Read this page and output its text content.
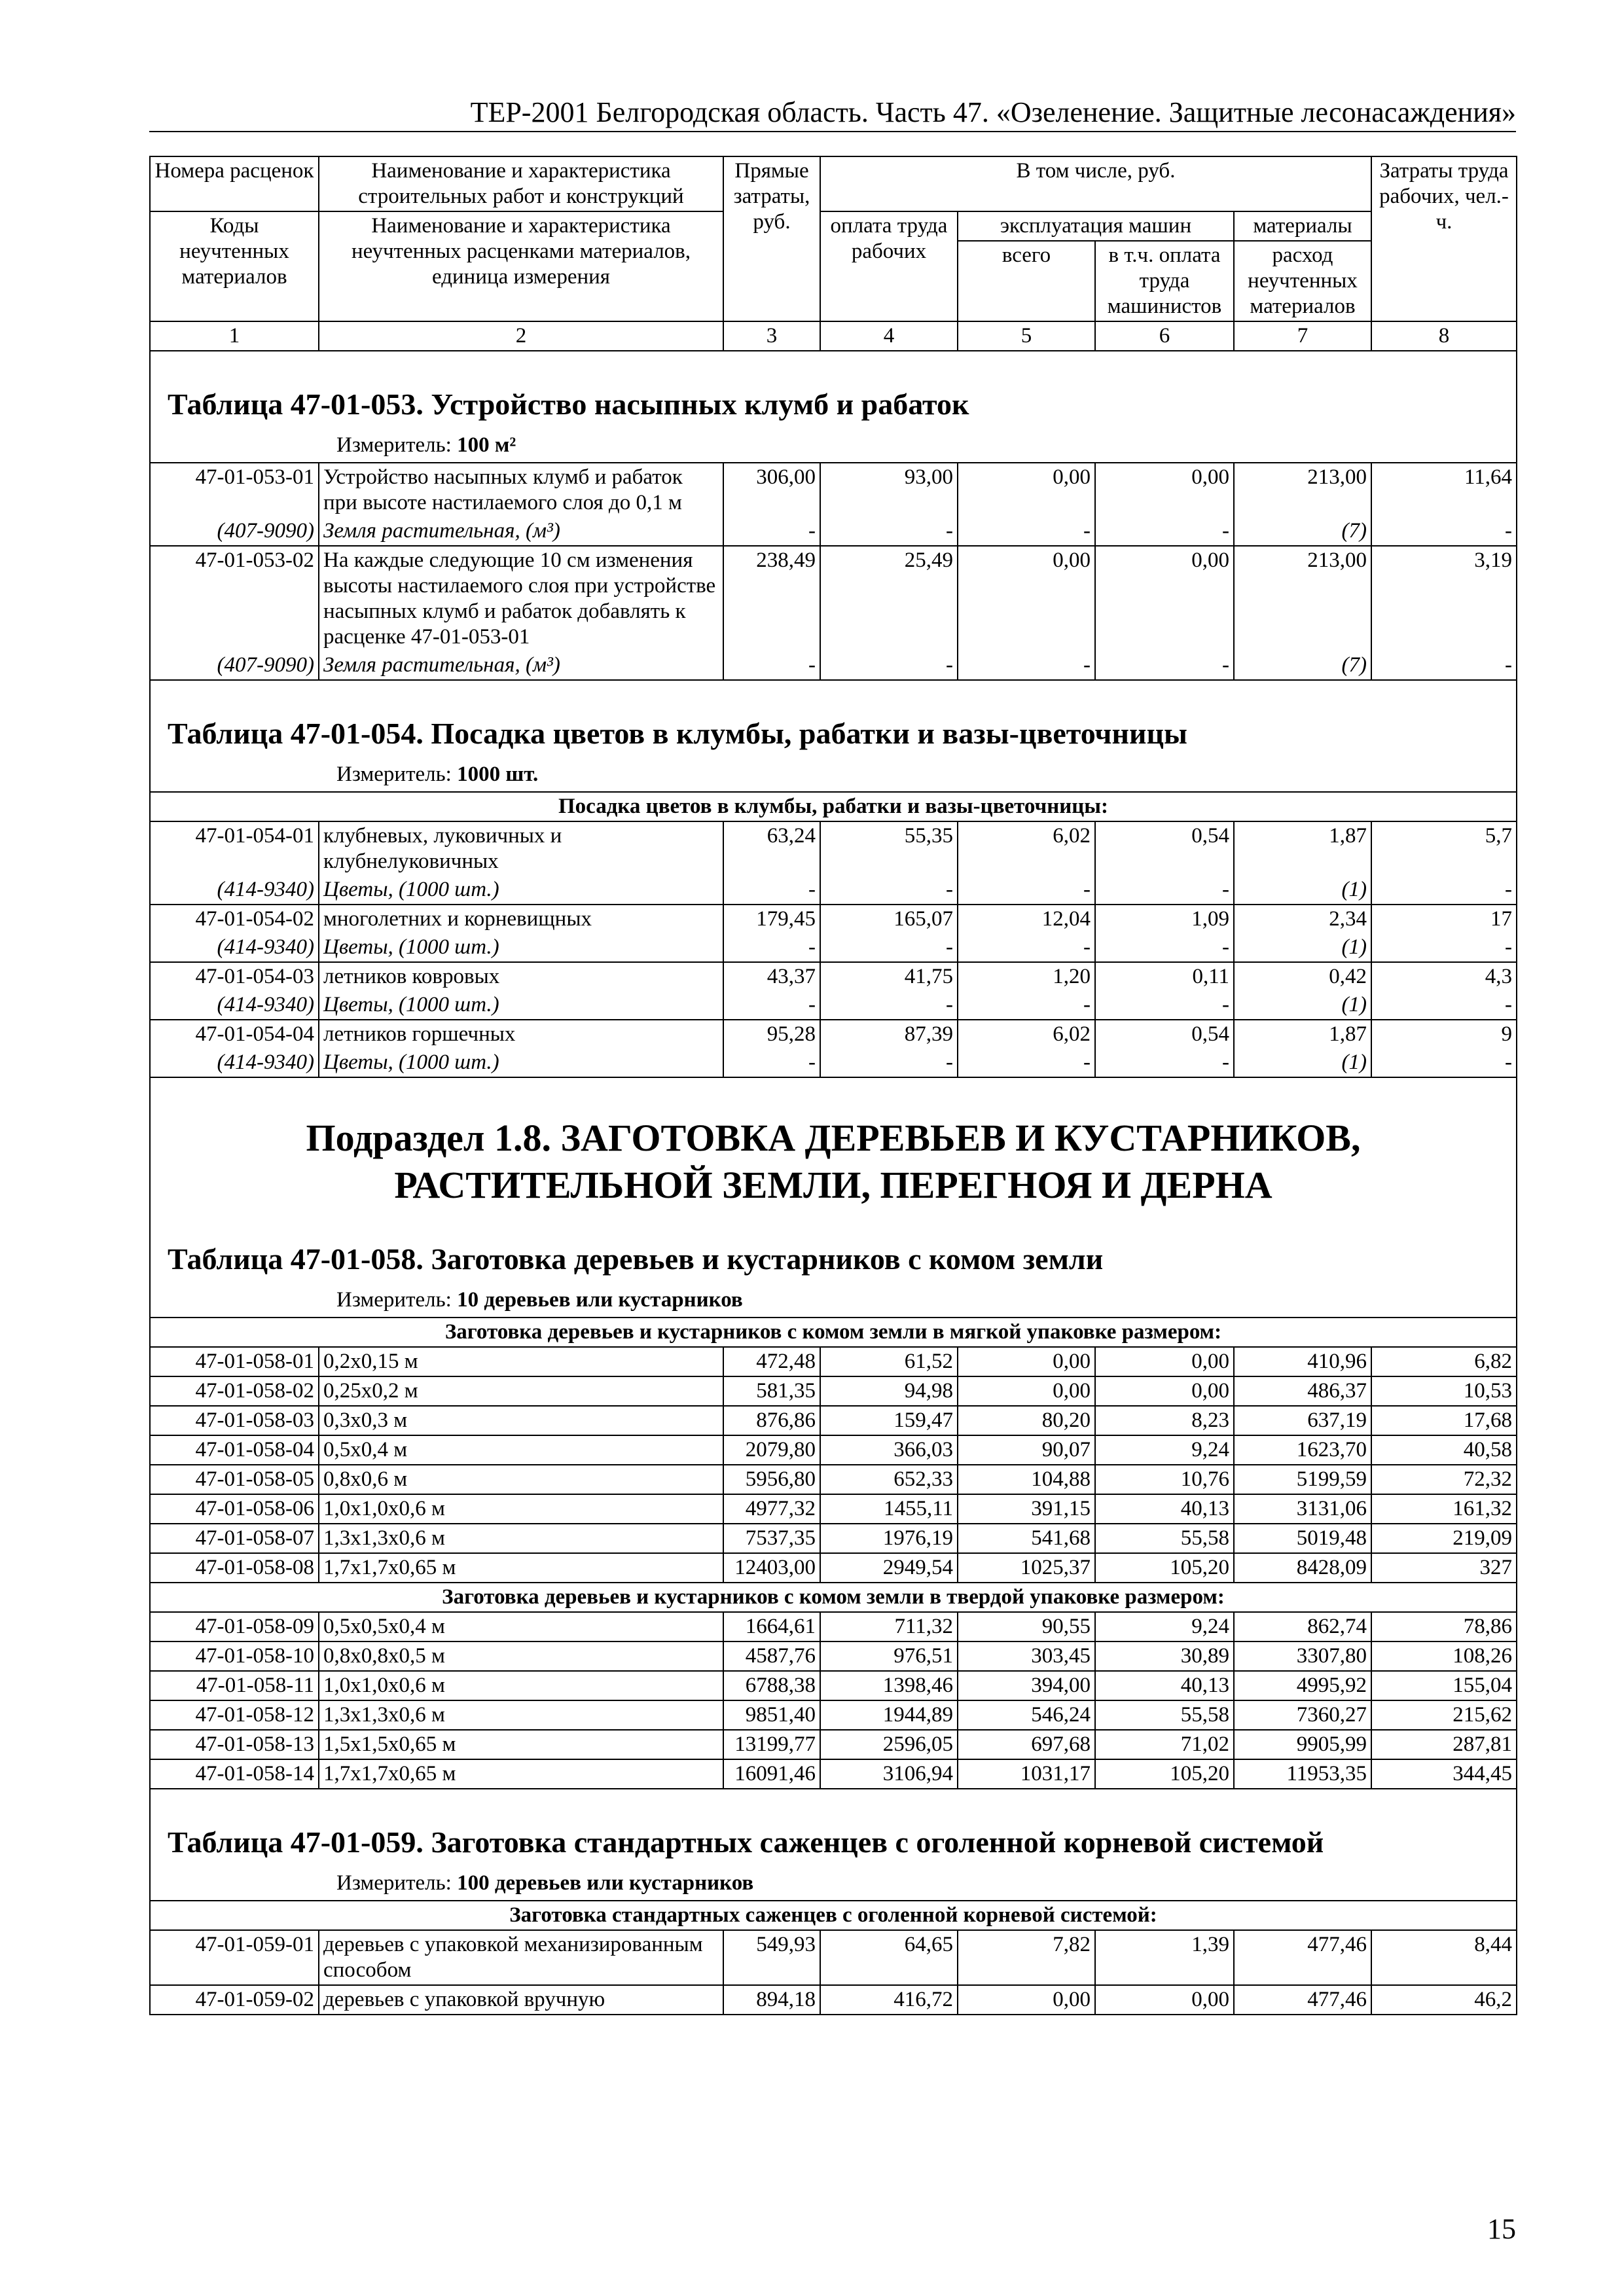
ТЕР-2001 Белгородская область. Часть 47. «Озеленение. Защитные лесонасаждения»
Номера расценок	Наименование и характеристика строительных работ и конструкций	Прямые затраты, руб.	В том числе, руб.				Затраты труда рабочих, чел.-ч.
Коды неучтенных материалов	Наименование и характеристика неучтенных расценками материалов, единица измерения		оплата труда рабочих	эксплуатация машин		материалы	
				всего	в т.ч. оплата труда машинистов	расход неучтенных материалов	
1	2	3	4	5	6	7	8
Таблица 47-01-053. Устройство насыпных клумб и рабаток							
Измеритель: 100 м²							
47-01-053-01	Устройство насыпных клумб и рабаток при высоте настилаемого слоя до 0,1 м	306,00	93,00	0,00	0,00	213,00	11,64
(407-9090)	Земля растительная, (м³)	-	-	-	-	(7)	-
47-01-053-02	На каждые следующие 10 см изменения высоты настилаемого слоя при устройстве насыпных клумб и рабаток добавлять к расценке 47-01-053-01	238,49	25,49	0,00	0,00	213,00	3,19
(407-9090)	Земля растительная, (м³)	-	-	-	-	(7)	-
Таблица 47-01-054. Посадка цветов в клумбы, рабатки и вазы-цветочницы							
Измеритель: 1000 шт.							
Посадка цветов в клумбы, рабатки и вазы-цветочницы:							
47-01-054-01	клубневых, луковичных и клубнелуковичных	63,24	55,35	6,02	0,54	1,87	5,7
(414-9340)	Цветы, (1000 шт.)	-	-	-	-	(1)	-
47-01-054-02	многолетних и корневищных	179,45	165,07	12,04	1,09	2,34	17
(414-9340)	Цветы, (1000 шт.)	-	-	-	-	(1)	-
47-01-054-03	летников ковровых	43,37	41,75	1,20	0,11	0,42	4,3
(414-9340)	Цветы, (1000 шт.)	-	-	-	-	(1)	-
47-01-054-04	летников горшечных	95,28	87,39	6,02	0,54	1,87	9
(414-9340)	Цветы, (1000 шт.)	-	-	-	-	(1)	-

Подраздел 1.8. ЗАГОТОВКА ДЕРЕВЬЕВ И КУСТАРНИКОВ,
РАСТИТЕЛЬНОЙ ЗЕМЛИ, ПЕРЕГНОЯ И ДЕРНА							

Таблица 47-01-058. Заготовка деревьев и кустарников с комом земли							
Измеритель: 10 деревьев или кустарников							
Заготовка деревьев и кустарников с комом земли в мягкой упаковке размером:							
47-01-058-01	0,2х0,15 м	472,48	61,52	0,00	0,00	410,96	6,82
47-01-058-02	0,25х0,2 м	581,35	94,98	0,00	0,00	486,37	10,53
47-01-058-03	0,3х0,3 м	876,86	159,47	80,20	8,23	637,19	17,68
47-01-058-04	0,5х0,4 м	2079,80	366,03	90,07	9,24	1623,70	40,58
47-01-058-05	0,8х0,6 м	5956,80	652,33	104,88	10,76	5199,59	72,32
47-01-058-06	1,0х1,0х0,6 м	4977,32	1455,11	391,15	40,13	3131,06	161,32
47-01-058-07	1,3х1,3х0,6 м	7537,35	1976,19	541,68	55,58	5019,48	219,09
47-01-058-08	1,7х1,7х0,65 м	12403,00	2949,54	1025,37	105,20	8428,09	327
Заготовка деревьев и кустарников с комом земли в твердой упаковке размером:							
47-01-058-09	0,5х0,5х0,4 м	1664,61	711,32	90,55	9,24	862,74	78,86
47-01-058-10	0,8х0,8х0,5 м	4587,76	976,51	303,45	30,89	3307,80	108,26
47-01-058-11	1,0х1,0х0,6 м	6788,38	1398,46	394,00	40,13	4995,92	155,04
47-01-058-12	1,3х1,3х0,6 м	9851,40	1944,89	546,24	55,58	7360,27	215,62
47-01-058-13	1,5х1,5х0,65 м	13199,77	2596,05	697,68	71,02	9905,99	287,81
47-01-058-14	1,7х1,7х0,65 м	16091,46	3106,94	1031,17	105,20	11953,35	344,45
Таблица 47-01-059. Заготовка стандартных саженцев с оголенной корневой системой							
Измеритель: 100 деревьев или кустарников							
Заготовка стандартных саженцев с оголенной корневой системой:							
47-01-059-01	деревьев с упаковкой механизированным способом	549,93	64,65	7,82	1,39	477,46	8,44
47-01-059-02	деревьев с упаковкой вручную	894,18	416,72	0,00	0,00	477,46	46,2
15
